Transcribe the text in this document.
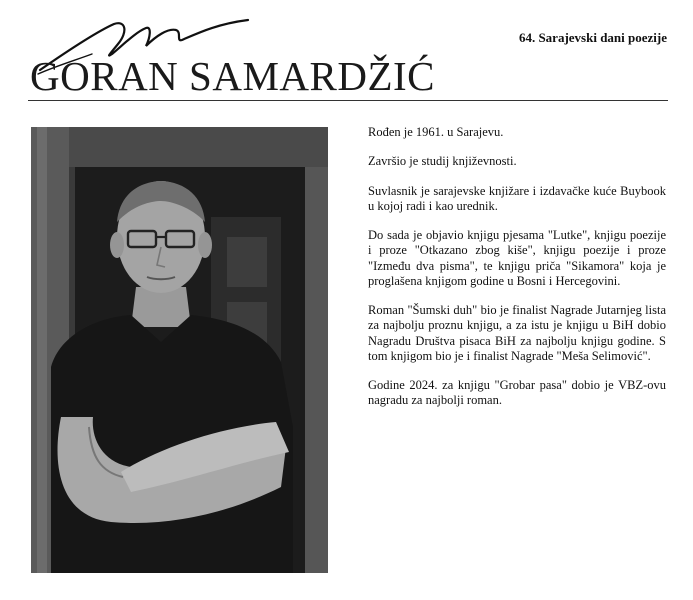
GORAN SAMARDŽIĆ
64. Sarajevski dani poezije

Rođen je 1961. u Sarajevu.

Završio je studij književnosti.

Suvlasnik je sarajevske knjižare i izdavačke kuće Buybook u kojoj radi i kao urednik.

Do sada je objavio knjigu pjesama "Lutke", knjigu poezije i proze "Otkazano zbog kiše", knjigu poezije i proze "Između dva pisma", te knjigu priča "Sikamora" koja je proglašena knjigom godine u Bosni i Hercegovini.

Roman "Šumski duh" bio je finalist Nagrade Jutarnjeg lista za najbolju proznu knjigu, a za istu je knjigu u BiH dobio Nagradu Društva pisaca BiH za najbolju knjigu godine. S tom knjigom bio je i finalist Nagrade "Meša Selimović".

Godine 2024. za knjigu "Grobar pasa" dobio je VBZ-ovu nagradu za najbolji roman.
